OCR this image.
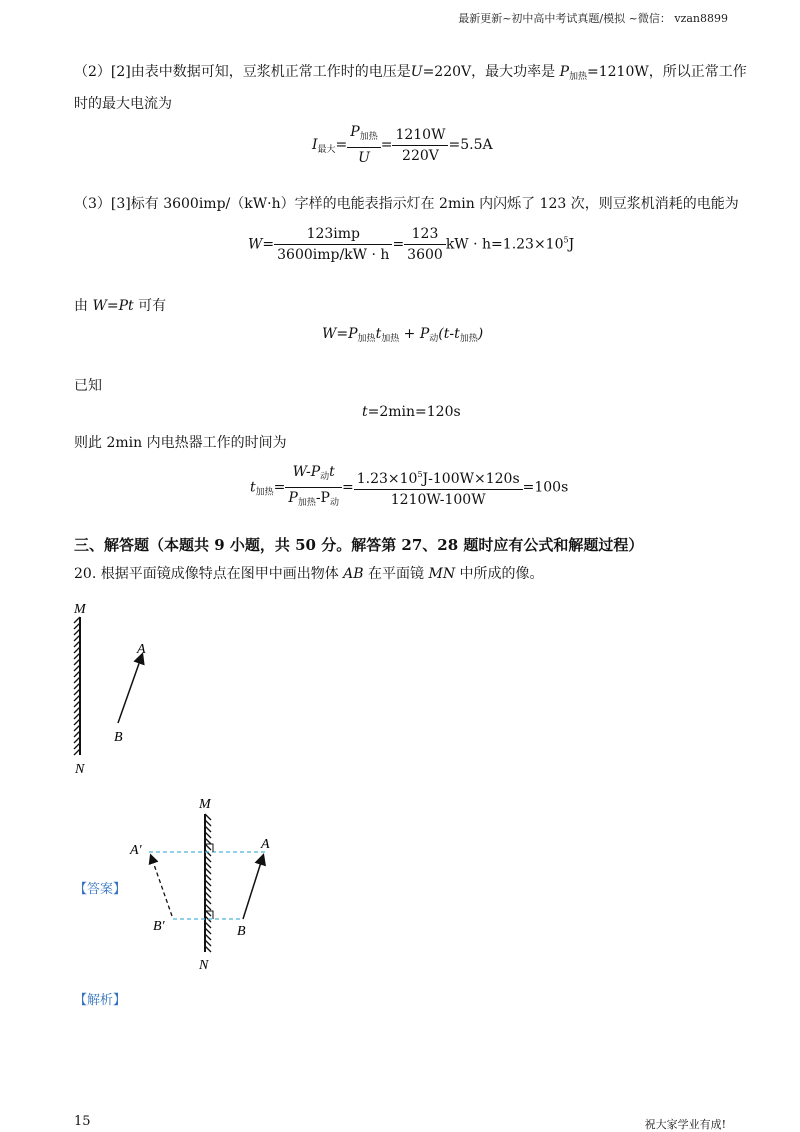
最新更新~初中高中考试真题/模拟 ~微信： vzan8899
（2）[2]由表中数据可知，豆浆机正常工作时的电压是U=220V，最大功率是 $P_{加热}=1210W$，所以正常工作
时的最大电流为
$I_{最大}= \frac{P_{加热}}{U} = \frac{1210W}{220V} =5.5A$
（3）[3]标有 3600imp/（kW·h）字样的电能表指示灯在 2min 内闪烁了 123 次，则豆浆机消耗的电能为
$W= \frac{\text{123imp}}{\text{3600imp/kW · h}} = \frac{123}{3600}$ kW · $h=1.23\times 10^5J$
由 W=Pt 可有
$W=P_{加热}t_{加热} + P_动(t-t_{加热})$
已知
t=2min=120s
则此 2min 内电热器工作的时间为
$t_{加热}= \frac{W-P_动t}{P_{加热}-P_动} = \frac{1.23\times 10^5J-100W\times 120s}{1210W-100W} =100s$
三、解答题（本题共 9 小题，共 50 分。解答第 27、28 题时应有公式和解题过程）
20. 根据平面镜成像特点在图甲中画出物体 AB 在平面镜 MN 中所成的像。
M
N
A
B
【答案】
M
N
A
B
A′
B′
【解析】
15	祝大家学业有成!
